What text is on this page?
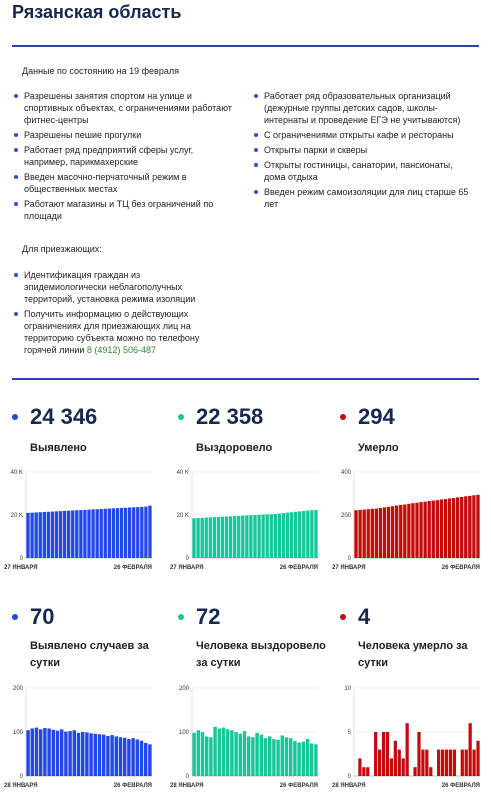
Рязанская область
Данные по состоянию на 19 февраля
Разрешены занятия спортом на улице и спортивных объектах, с ограничениями работают фитнес-центры
Разрешены пешие прогулки
Работает ряд предприятий сферы услуг, например, парикмахерские
Введен масочно-перчаточный режим в общественных местах
Работают магазины и ТЦ без ограничений по площади
Работает ряд образовательных организаций (дежурные группы детских садов, школы-интернаты и проведение ЕГЭ не учитываются)
С ограничениями открыты кафе и рестораны
Открыты парки и скверы
Открыты гостиницы, санатории, пансионаты, дома отдыха
Введен режим самоизоляции для лиц старше 65 лет
Для приезжающих:
Идентификация граждан из эпидемиологически неблагополучных территорий, установка режима изоляции
Получить информацию о действующих ограничениях для приезжающих лиц на территорию субъекта можно по телефону горячей линии 8 (4912) 506-487
24 346
Выявлено
22 358
Выздоровело
294
Умерло
70
Выявлено случаев за сутки
72
Человека выздоровело за сутки
4
Человека умерло за сутки
0
20 K
40 K
27 ЯНВАРЯ	26 ФЕВРАЛЯ
0
20 K
40 K
27 ЯНВАРЯ	26 ФЕВРАЛЯ
0
200
400
27 ЯНВАРЯ	26 ФЕВРАЛЯ
0
100
200
28 ЯНВАРЯ	26 ФЕВРАЛЯ
0
100
200
28 ЯНВАРЯ	26 ФЕВРАЛЯ
0
5
10
28 ЯНВАРЯ	26 ФЕВРАЛЯ
